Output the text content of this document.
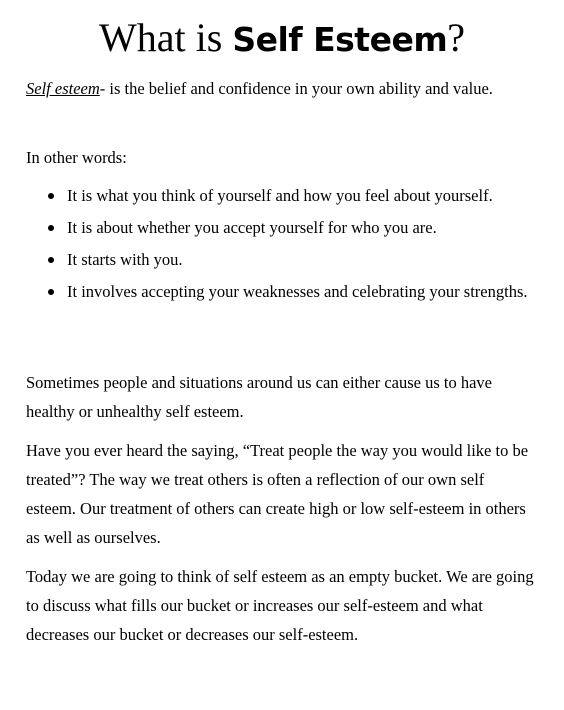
What is Self Esteem?

Self esteem- is the belief and confidence in your own ability and value.

In other words:

It is what you think of yourself and how you feel about yourself.
It is about whether you accept yourself for who you are.
It starts with you.
It involves accepting your weaknesses and celebrating your strengths.

Sometimes people and situations around us can either cause us to have healthy or unhealthy self esteem.

Have you ever heard the saying, “Treat people the way you would like to be treated”? The way we treat others is often a reflection of our own self esteem. Our treatment of others can create high or low self-esteem in others as well as ourselves.

Today we are going to think of self esteem as an empty bucket. We are going to discuss what fills our bucket or increases our self-esteem and what decreases our bucket or decreases our self-esteem.
